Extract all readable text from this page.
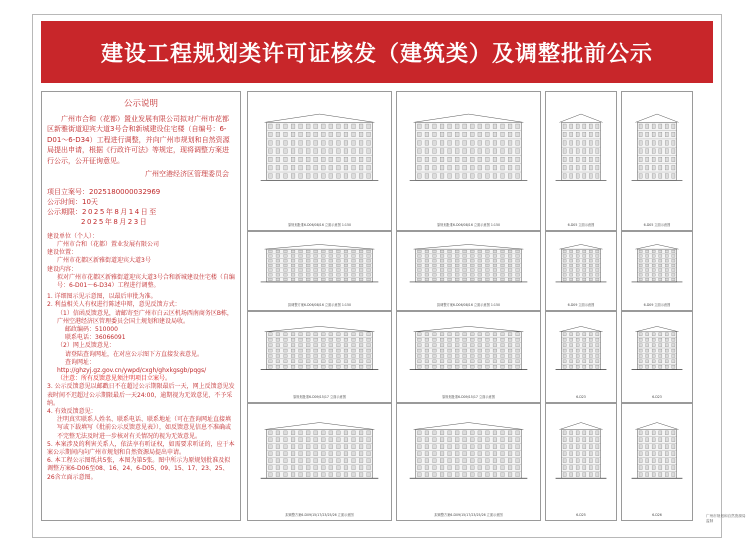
建设工程规划类许可证核发（建筑类）及调整批前公示
公示说明
广州市合和（花都）置业发展有限公司拟对广州市花都区新雅街道迎宾大道3号合和新城建设住宅楼（自编号：6-D01～6-D34）工程进行调整，并向广州市规划和自然资源局提出申请，根据《行政许可法》等规定，现将调整方案进行公示，公开征询意见。
广州空港经济区管理委员会
项目立案号：2025180000032969
公示时间：10天
公示期限：2025年8月14日至
2025年8月23日
建设单位（个人）：
广州市合和（花都）置业发展有限公司
建设位置：
广州市花都区新雅街道迎宾大道3号
建设内容：
拟对广州市花都区新雅街道迎宾大道3号合和新城建设住宅楼（自编号：6-D01～6-D34）工程进行调整。
1. 详细图示见示意图，以最后审批为准。
2. 利益相关人有权进行陈述申辩，意见反馈方式：
（1）信函反馈意见，请邮寄至广州市白云区机场西南商务区B栋，广州空港经济区管理委员会国土规划和建设局收。
邮政编码：510000
联系电话：36066091
（2）网上反馈意见：
请登陆查询网址，在对应公示图下方直接发表意见。
查询网址：
http://ghzyj.gz.gov.cn/ywpd/cxgh/ghxkgsgb/pqgs/
（注意：所有反馈意见须注明项目立案号。
3. 公示反馈意见以邮戳日不在超过公示期限最后一天，网上反馈意见发表时间不迟超过公示期限最后一天24:00，逾期视为无效意见，不予采纳。
4. 有效反馈意见：
注明真实联系人姓名、联系电话、联系地址（可在查询网址直接填写或下载填写《批前公示反馈意见表》），如反馈意见信息不准确或不完整无法及时进一步核对有关情况的视为无效意见。
5. 本案涉及的利害关系人，依法享有听证权，如需要求听证的，应于本案公示期间内向广州市规划和自然资源局提出申请。
6. 本工程公示图纸共5张，本图为第5张。图中所示为原规划批准及拟调整方案6-D06至08、16、24、6-D05、09、15、17、23、25、26含立面示意图。
原规划批准6-D06/08/16 立面示意图 1:150	原规划批准6-D06/08/16 立面示意图 1:150	6-D05 立面示意图	6-D05 立面示意图
拟调整方案6-D06/08/16 立面示意图 1:150	拟调整方案6-D06/08/16 立面示意图 1:150	6-D09 立面示意图	6-D09 立面示意图
原规划批准6-D09/15/17 立面示意图	原规划批准6-D09/15/17 立面示意图	6-D23	6-D23
拟调整方案6-D09/15/17/23/25/26 立面示意图	拟调整方案6-D09/15/17/23/25/26 立面示意图	6-D25	6-D26	广州市规划和自然资源局 监制
